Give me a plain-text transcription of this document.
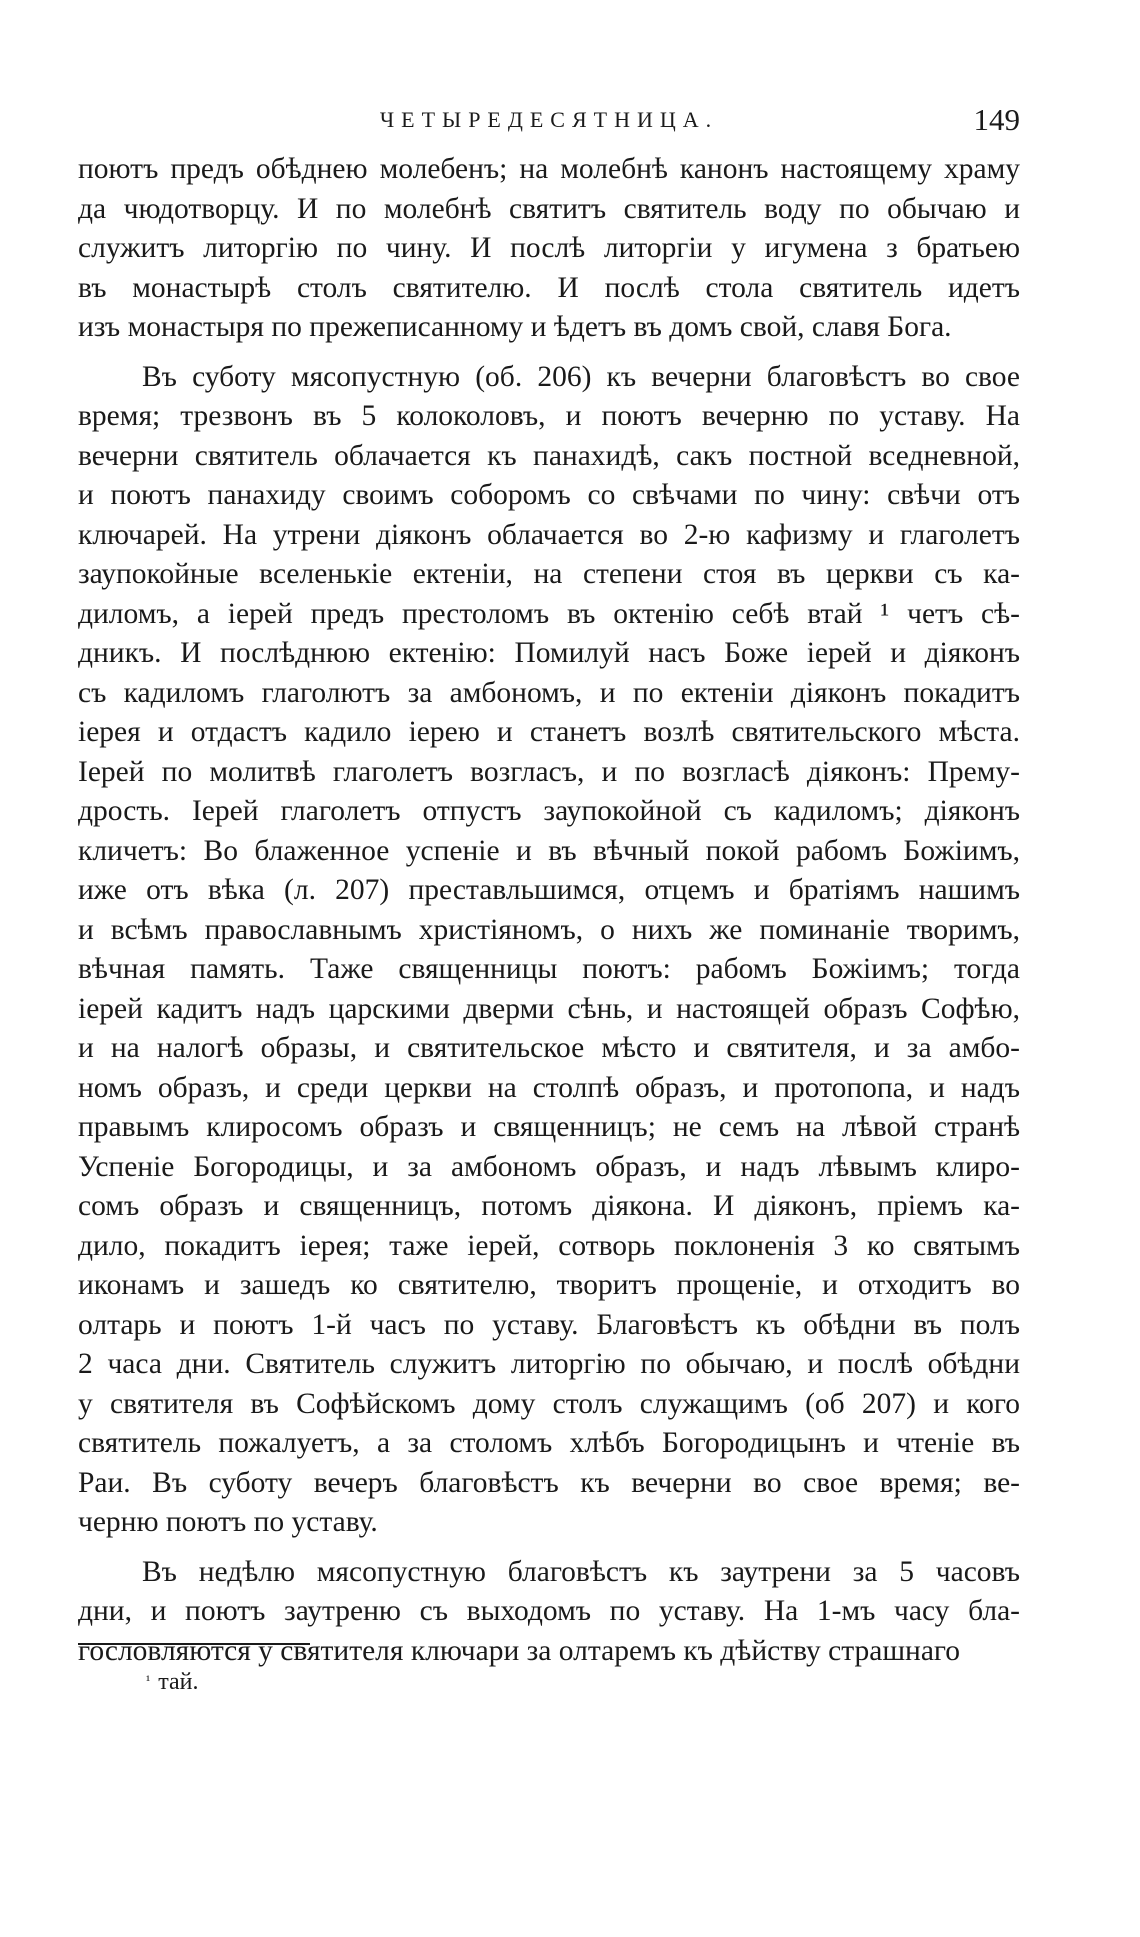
ЧЕТЫРЕДЕСЯТНИЦА.	149
поютъ предъ обѣднею молебенъ; на молебнѣ канонъ настоящему храму
да чюдотворцу. И по молебнѣ святитъ святитель воду по обычаю и
служитъ литоргію по чину. И послѣ литоргіи у игумена з братьею
въ монастырѣ столъ святителю. И послѣ стола святитель идетъ
изъ монастыря по прежеписанному и ѣдетъ въ домъ свой, славя Бога.
Въ суботу мясопустную (об. 206) къ вечерни благовѣстъ во свое
время; трезвонъ въ 5 колоколовъ, и поютъ вечерню по уставу. На
вечерни святитель облачается къ панахидѣ, сакъ постной вседневной,
и поютъ панахиду своимъ соборомъ со свѣчами по чину: свѣчи отъ
ключарей. На утрени діяконъ облачается во 2-ю кафизму и глаголетъ
заупокойные вселенькіе ектеніи, на степени стоя въ церкви съ ка-
диломъ, а іерей предъ престоломъ въ октенію себѣ втай ¹ четъ сѣ-
дникъ. И послѣднюю ектенію: Помилуй насъ Боже іерей и діяконъ
съ кадиломъ глаголютъ за амбономъ, и по ектеніи діяконъ покадитъ
іерея и отдастъ кадило іерею и станетъ возлѣ святительского мѣста.
Іерей по молитвѣ глаголетъ возгласъ, и по возгласѣ діяконъ: Прему-
дрость. Іерей глаголетъ отпустъ заупокойной съ кадиломъ; діяконъ
кличетъ: Во блаженное успеніе и въ вѣчный покой рабомъ Божіимъ,
иже отъ вѣка (л. 207) преставльшимся, отцемъ и братіямъ нашимъ
и всѣмъ православнымъ христіяномъ, о нихъ же поминаніе творимъ,
вѣчная память. Таже священницы поютъ: рабомъ Божіимъ; тогда
іерей кадитъ надъ царскими дверми сѣнь, и настоящей образъ Софѣю,
и на налогѣ образы, и святительское мѣсто и святителя, и за амбо-
номъ образъ, и среди церкви на столпѣ образъ, и протопопа, и надъ
правымъ клиросомъ образъ и священницъ; не семъ на лѣвой странѣ
Успеніе Богородицы, и за амбономъ образъ, и надъ лѣвымъ клиро-
сомъ образъ и священницъ, потомъ діякона. И діяконъ, пріемъ ка-
дило, покадитъ іерея; таже іерей, сотворь поклоненія 3 ко святымъ
иконамъ и зашедъ ко святителю, творитъ прощеніе, и отходитъ во
олтарь и поютъ 1-й часъ по уставу. Благовѣстъ къ обѣдни въ полъ
2 часа дни. Святитель служитъ литоргію по обычаю, и послѣ обѣдни
у святителя въ Софѣйскомъ дому столъ служащимъ (об 207) и кого
святитель пожалуетъ, а за столомъ хлѣбъ Богородицынъ и чтеніе въ
Раи. Въ суботу вечеръ благовѣстъ къ вечерни во свое время; ве-
черню поютъ по уставу.
Въ недѣлю мясопустную благовѣстъ къ заутрени за 5 часовъ
дни, и поютъ заутреню съ выходомъ по уставу. На 1-мъ часу бла-
гословляются у святителя ключари за олтаремъ къ дѣйству страшнаго
$^{^1}$ тай.
